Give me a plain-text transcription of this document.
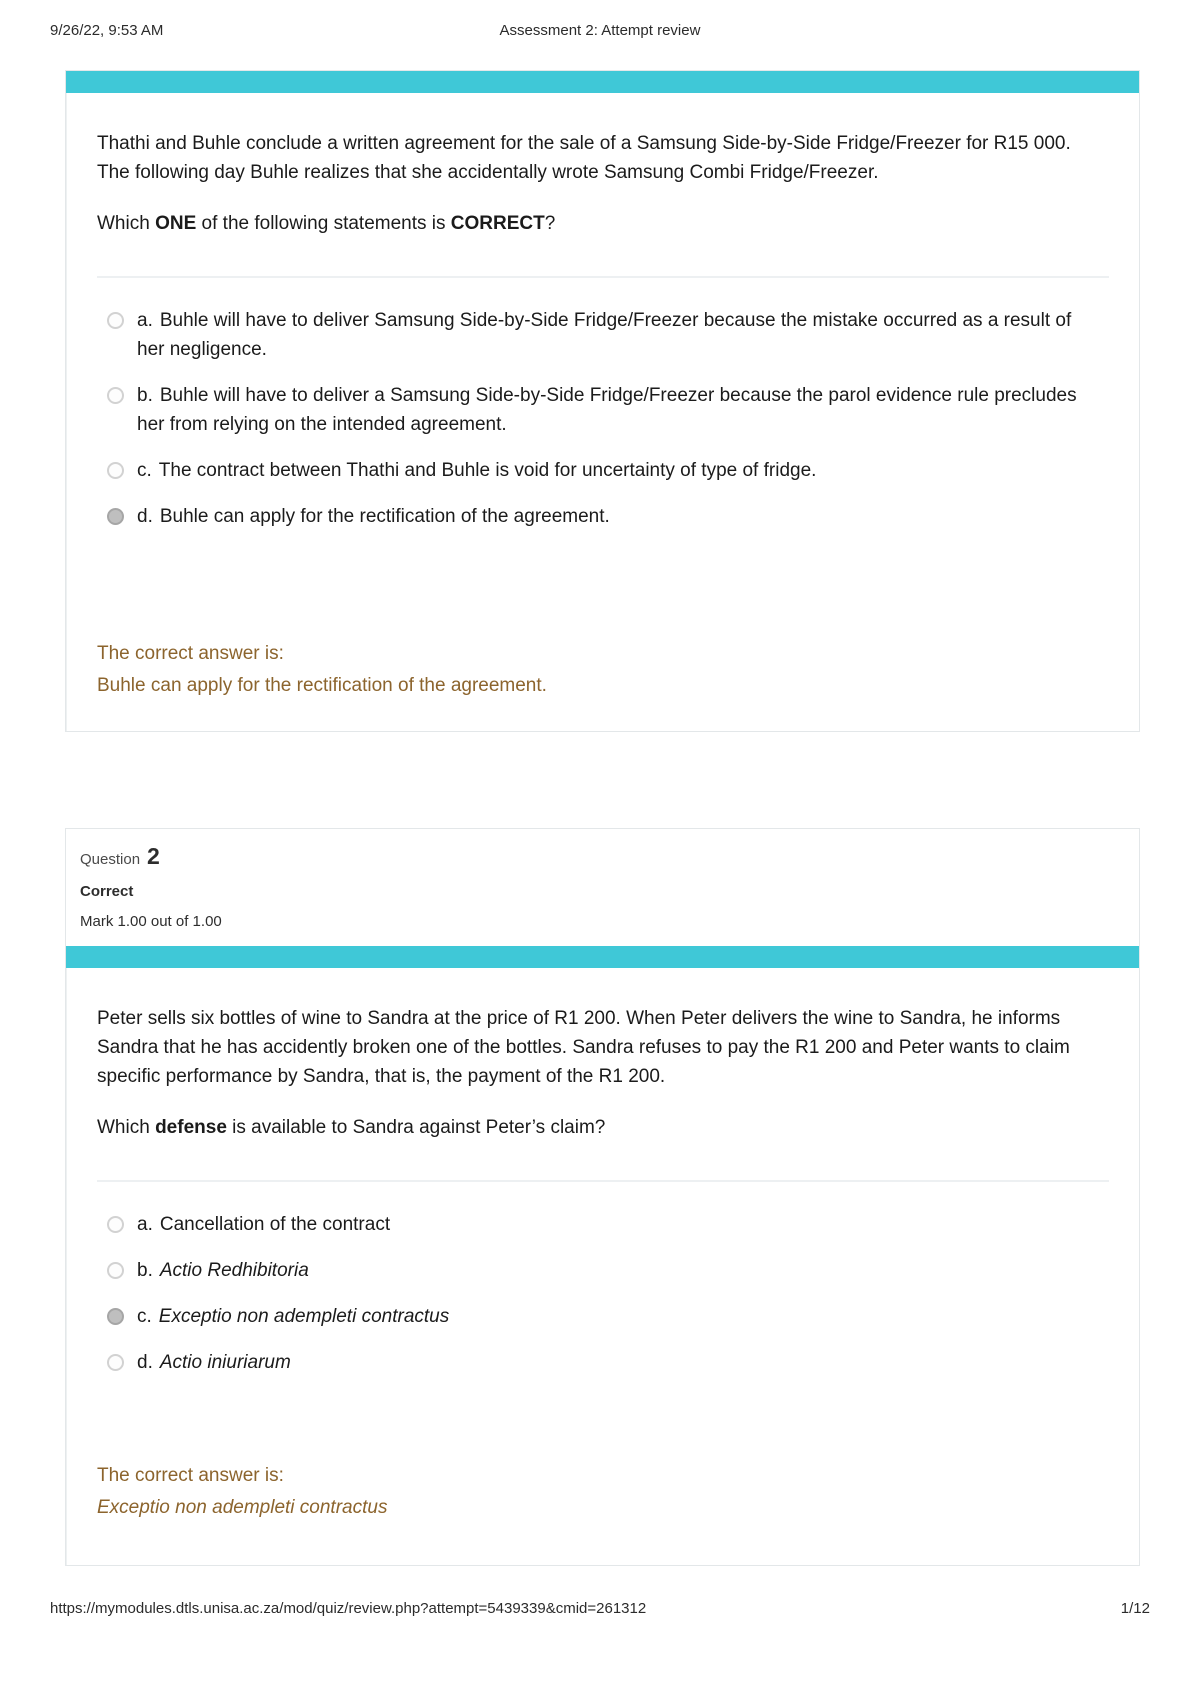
9/26/22, 9:53 AM	Assessment 2: Attempt review
Thathi and Buhle conclude a written agreement for the sale of a Samsung Side-by-Side Fridge/Freezer for R15 000. The following day Buhle realizes that she accidentally wrote Samsung Combi Fridge/Freezer.
Which ONE of the following statements is CORRECT?
a. Buhle will have to deliver Samsung Side-by-Side Fridge/Freezer because the mistake occurred as a result of her negligence.
b. Buhle will have to deliver a Samsung Side-by-Side Fridge/Freezer because the parol evidence rule precludes her from relying on the intended agreement.
c. The contract between Thathi and Buhle is void for uncertainty of type of fridge.
d. Buhle can apply for the rectification of the agreement.
The correct answer is:
Buhle can apply for the rectification of the agreement.
Question 2
Correct
Mark 1.00 out of 1.00
Peter sells six bottles of wine to Sandra at the price of R1 200. When Peter delivers the wine to Sandra, he informs Sandra that he has accidently broken one of the bottles. Sandra refuses to pay the R1 200 and Peter wants to claim specific performance by Sandra, that is, the payment of the R1 200.
Which defense is available to Sandra against Peter’s claim?
a. Cancellation of the contract
b. Actio Redhibitoria
c. Exceptio non adempleti contractus
d. Actio iniuriarum
The correct answer is:
Exceptio non adempleti contractus
https://mymodules.dtls.unisa.ac.za/mod/quiz/review.php?attempt=5439339&cmid=261312	1/12
